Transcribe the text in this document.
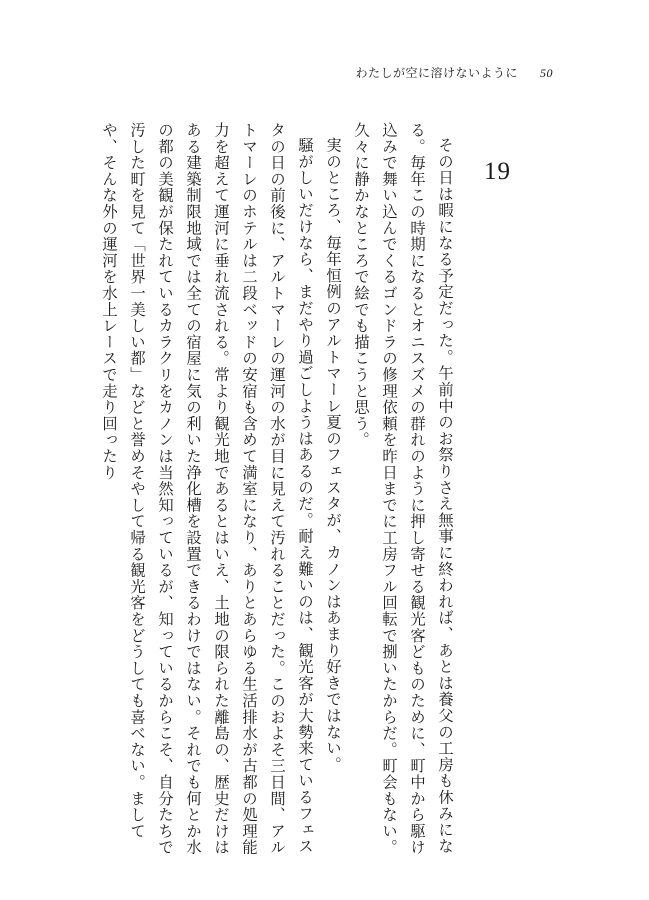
わたしが空に溶けないように 50
19

その日は暇になる予定だった。午前中のお祭りさえ無事に終われば、あとは養父の工房も休みになる。毎年この時期になるとオニスズメの群れのように押し寄せる観光客どものために、町中から駆け込みで舞い込んでくるゴンドラの修理依頼を昨日までに工房フル回転で捌いたからだ。町会もない。久々に静かなところで絵でも描こうと思う。

実のところ、毎年恒例のアルトマーレ夏のフェスタが、カノンはあまり好きではない。

騒がしいだけなら、まだやり過ごしようはあるのだ。耐え難いのは、観光客が大勢来ているフェスタの日の前後に、アルトマーレの運河の水が目に見えて汚れることだった。このおよそ三日間、アルトマーレのホテルは二段ベッドの安宿も含めて満室になり、ありとあらゆる生活排水が古都の処理能力を超えて運河に垂れ流される。常より観光地であるとはいえ、土地の限られた離島の、歴史だけはある建築制限地域では全ての宿屋に気の利いた浄化槽を設置できるわけではない。それでも何とか水の都の美観が保たれているカラクリをカノンは当然知っているが、知っているからこそ、自分たちで汚した町を見て「世界一美しい都」などと誉めそやして帰る観光客をどうしても喜べない。ましてや、そんな外の運河を水上レースで走り回ったり
